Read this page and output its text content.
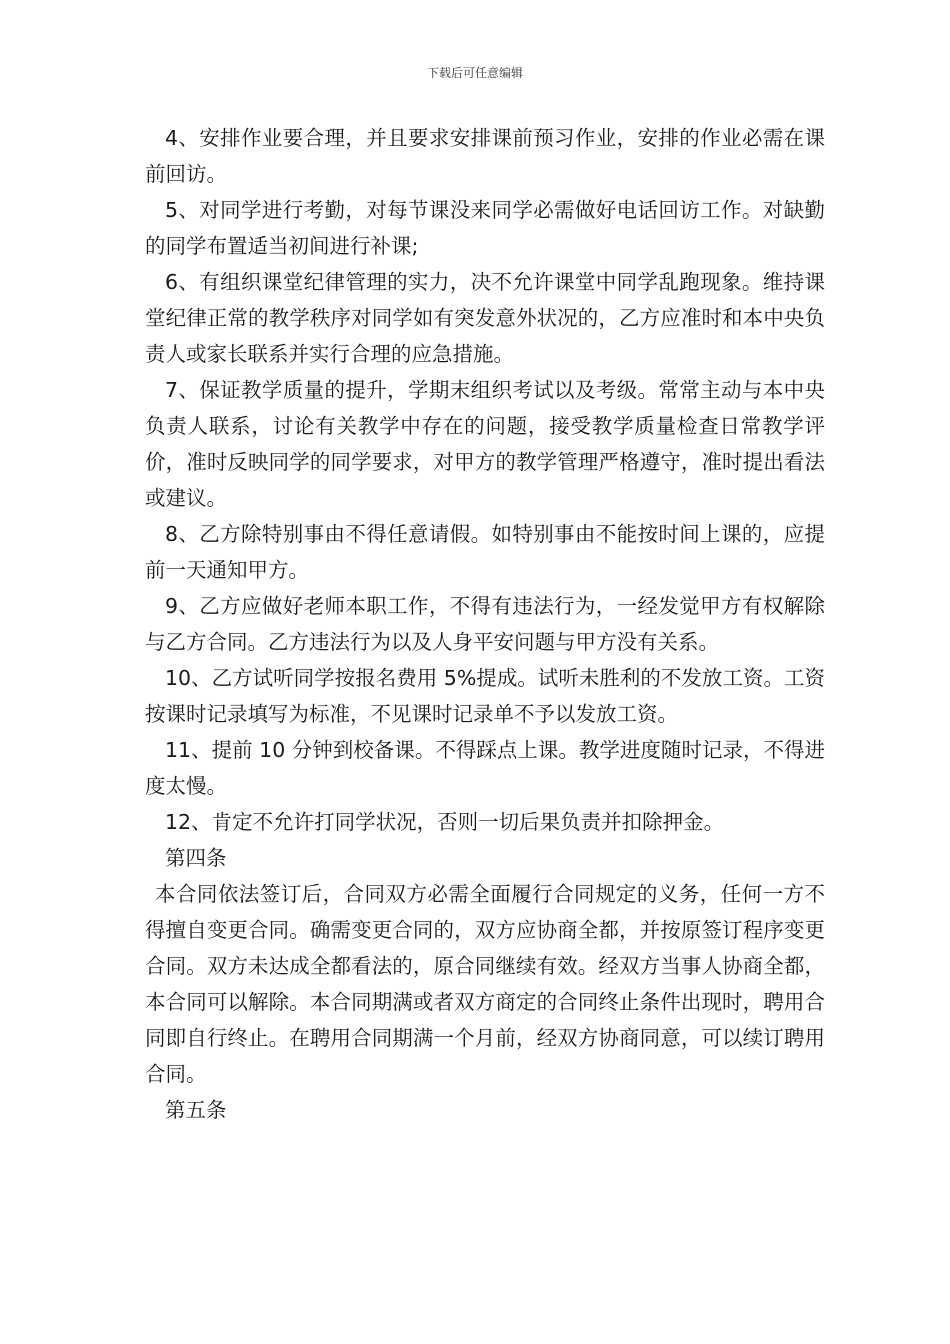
下载后可任意编辑

4、安排作业要合理，并且要求安排课前预习作业，安排的作业必需在课前回访。

5、对同学进行考勤，对每节课没来同学必需做好电话回访工作。对缺勤的同学布置适当初间进行补课;

6、有组织课堂纪律管理的实力，决不允许课堂中同学乱跑现象。维持课堂纪律正常的教学秩序对同学如有突发意外状况的，乙方应准时和本中央负责人或家长联系并实行合理的应急措施。

7、保证教学质量的提升，学期末组织考试以及考级。常常主动与本中央负责人联系，讨论有关教学中存在的问题，接受教学质量检查日常教学评价，准时反映同学的同学要求，对甲方的教学管理严格遵守，准时提出看法或建议。

8、乙方除特别事由不得任意请假。如特别事由不能按时间上课的，应提前一天通知甲方。

9、乙方应做好老师本职工作，不得有违法行为，一经发觉甲方有权解除与乙方合同。乙方违法行为以及人身平安问题与甲方没有关系。

10、乙方试听同学按报名费用 5%提成。试听未胜利的不发放工资。工资按课时记录填写为标准，不见课时记录单不予以发放工资。

11、提前 10 分钟到校备课。不得踩点上课。教学进度随时记录，不得进度太慢。

12、肯定不允许打同学状况，否则一切后果负责并扣除押金。

第四条

本合同依法签订后，合同双方必需全面履行合同规定的义务，任何一方不得擅自变更合同。确需变更合同的，双方应协商全都，并按原签订程序变更合同。双方未达成全都看法的，原合同继续有效。经双方当事人协商全都，本合同可以解除。本合同期满或者双方商定的合同终止条件出现时，聘用合同即自行终止。在聘用合同期满一个月前，经双方协商同意，可以续订聘用合同。

第五条
